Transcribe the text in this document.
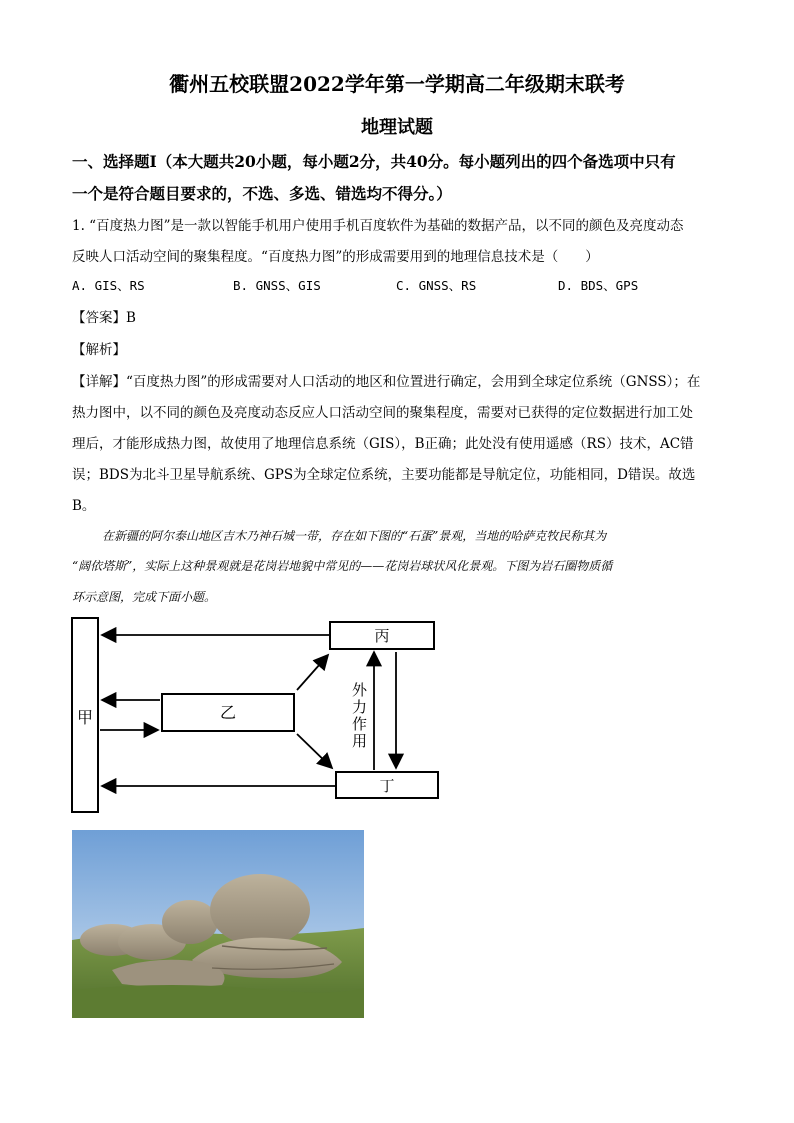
衢州五校联盟2022学年第一学期高二年级期末联考
地理试题
一、选择题Ⅰ（本大题共20小题，每小题2分，共40分。每小题列出的四个备选项中只有
一个是符合题目要求的，不选、多选、错选均不得分。）
1. “百度热力图”是一款以智能手机用户使用手机百度软件为基础的数据产品，以不同的颜色及亮度动态
反映人口活动空间的聚集程度。“百度热力图”的形成需要用到的地理信息技术是（　　）
A. GIS、RS	B. GNSS、GIS	C. GNSS、RS	D. BDS、GPS
【答案】B
【解析】
【详解】“百度热力图”的形成需要对人口活动的地区和位置进行确定，会用到全球定位系统（GNSS）；在
热力图中，以不同的颜色及亮度动态反应人口活动空间的聚集程度，需要对已获得的定位数据进行加工处
理后，才能形成热力图，故使用了地理信息系统（GIS），B正确；此处没有使用遥感（RS）技术，AC错
误；BDS为北斗卫星导航系统、GPS为全球定位系统，主要功能都是导航定位，功能相同，D错误。故选
B。
在新疆的阿尔泰山地区吉木乃神石城一带，存在如下图的“石蛋”景观，当地的哈萨克牧民称其为
“阔依塔斯”，实际上这种景观就是花岗岩地貌中常见的——花岗岩球状风化景观。下图为岩石圈物质循
环示意图，完成下面小题。
甲	乙
丙
丁
外力作用
